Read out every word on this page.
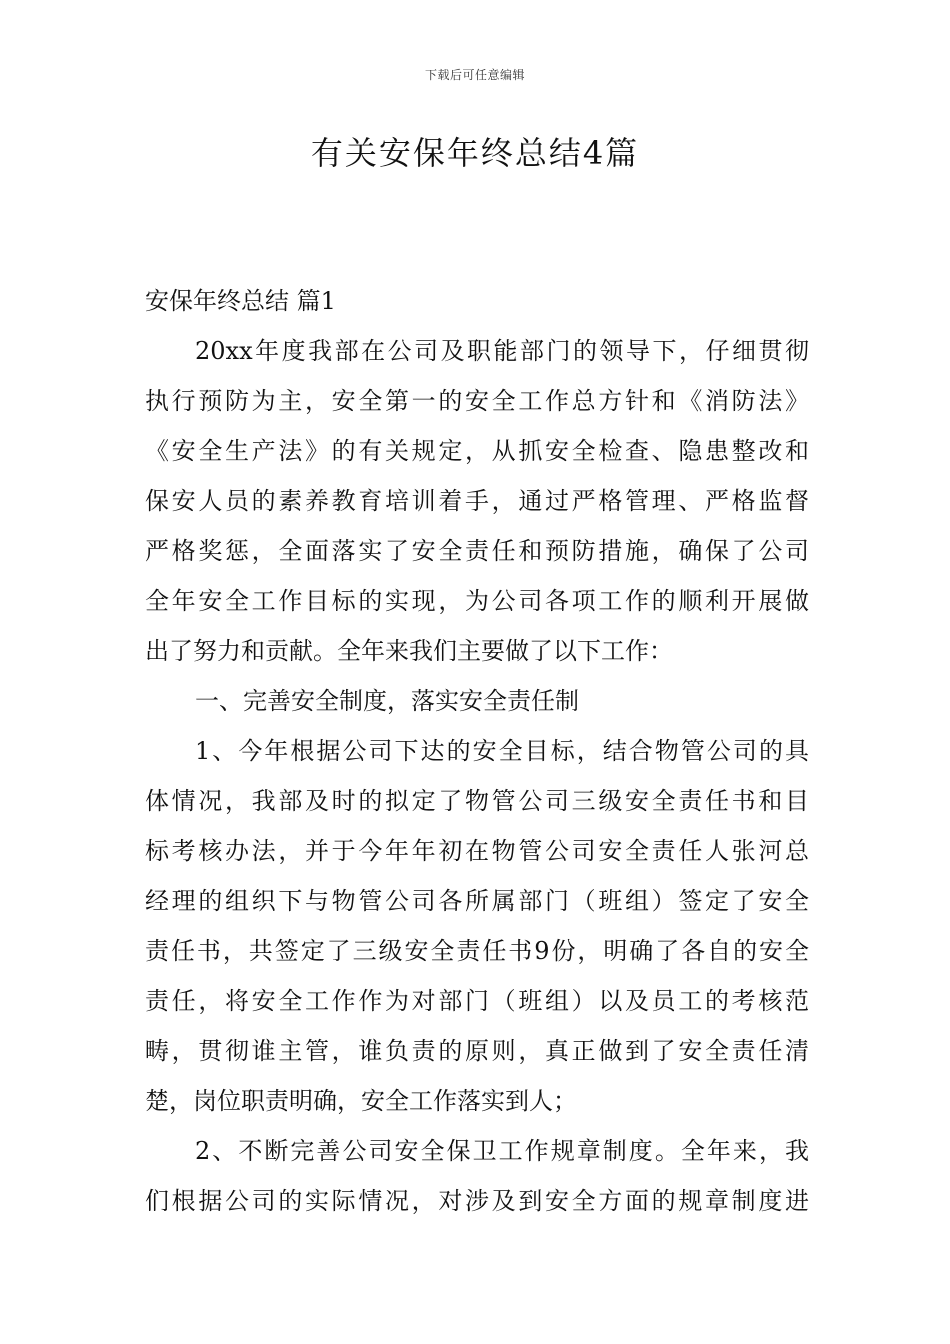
下载后可任意编辑
有关安保年终总结4篇
安保年终总结 篇1
20xx年度我部在公司及职能部门的领导下，仔细贯彻
执行预防为主，安全第一的安全工作总方针和《消防法》
《安全生产法》的有关规定，从抓安全检查、隐患整改和
保安人员的素养教育培训着手，通过严格管理、严格监督
严格奖惩，全面落实了安全责任和预防措施，确保了公司
全年安全工作目标的实现，为公司各项工作的顺利开展做
出了努力和贡献。全年来我们主要做了以下工作：
一、完善安全制度，落实安全责任制
1、今年根据公司下达的安全目标，结合物管公司的具
体情况，我部及时的拟定了物管公司三级安全责任书和目
标考核办法，并于今年年初在物管公司安全责任人张河总
经理的组织下与物管公司各所属部门（班组）签定了安全
责任书，共签定了三级安全责任书9份，明确了各自的安全
责任，将安全工作作为对部门（班组）以及员工的考核范
畴，贯彻谁主管，谁负责的原则，真正做到了安全责任清
楚，岗位职责明确，安全工作落实到人；
2、不断完善公司安全保卫工作规章制度。全年来，我
们根据公司的实际情况，对涉及到安全方面的规章制度进
